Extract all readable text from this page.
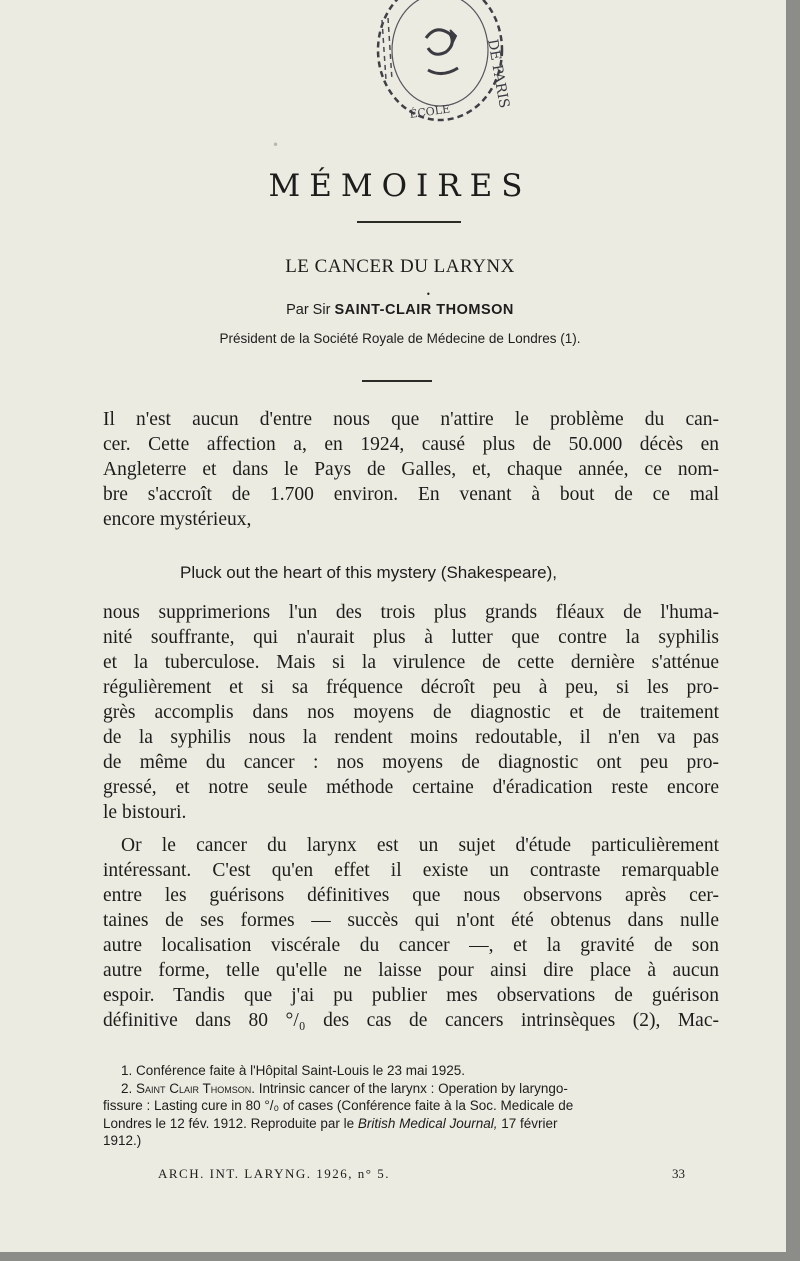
DE PARIS
ÉCOLE
•
MÉMOIRES
LE CANCER DU LARYNX
•
Par Sir SAINT-CLAIR THOMSON
Président de la Société Royale de Médecine de Londres (1).
Il n'est aucun d'entre nous que n'attire le problème du can-
cer. Cette affection a, en 1924, causé plus de 50.000 décès en
Angleterre et dans le Pays de Galles, et, chaque année, ce nom-
bre s'accroît de 1.700 environ. En venant à bout de ce mal
encore mystérieux,
Pluck out the heart of this mystery (Shakespeare),
nous supprimerions l'un des trois plus grands fléaux de l'huma-
nité souffrante, qui n'aurait plus à lutter que contre la syphilis
et la tuberculose. Mais si la virulence de cette dernière s'atténue
régulièrement et si sa fréquence décroît peu à peu, si les pro-
grès accomplis dans nos moyens de diagnostic et de traitement
de la syphilis nous la rendent moins redoutable, il n'en va pas
de même du cancer : nos moyens de diagnostic ont peu pro-
gressé, et notre seule méthode certaine d'éradication reste encore
le bistouri.
Or le cancer du larynx est un sujet d'étude particulièrement
intéressant. C'est qu'en effet il existe un contraste remarquable
entre les guérisons définitives que nous observons après cer-
taines de ses formes — succès qui n'ont été obtenus dans nulle
autre localisation viscérale du cancer —, et la gravité de son
autre forme, telle qu'elle ne laisse pour ainsi dire place à aucun
espoir. Tandis que j'ai pu publier mes observations de guérison
définitive dans 80 °/₀ des cas de cancers intrinsèques (2), Mac-
1. Conférence faite à l'Hôpital Saint-Louis le 23 mai 1925.
2. Saint Clair Thomson. Intrinsic cancer of the larynx : Operation by laryngo-
fissure : Lasting cure in 80 °/₀ of cases (Conférence faite à la Soc. Medicale de
Londres le 12 fév. 1912. Reproduite par le British Medical Journal, 17 février
1912.)
ARCH. INT. LARYNG. 1926, n° 5.	33
